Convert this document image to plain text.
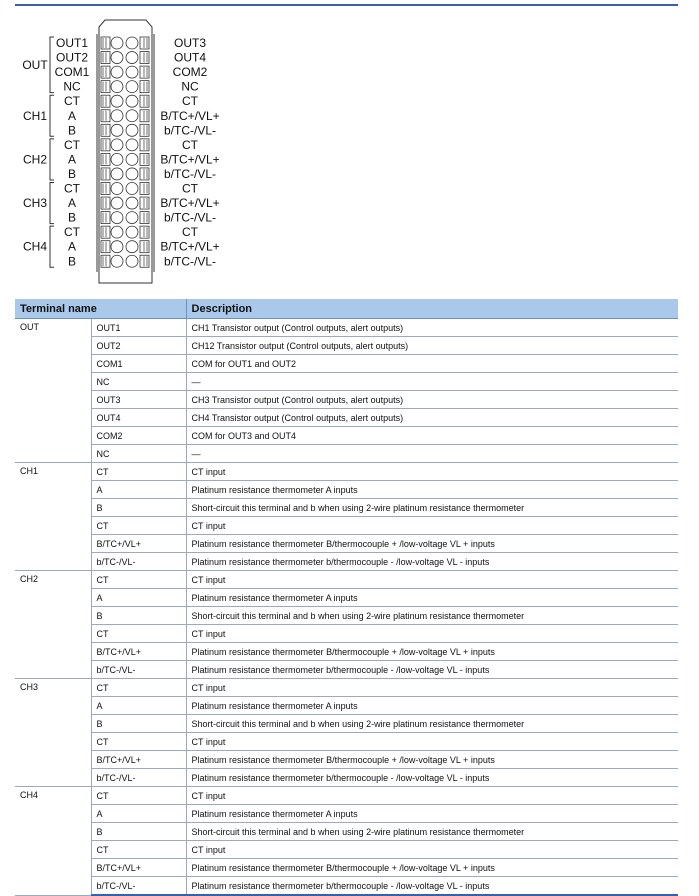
OUT3
OUT4
COM2
NC
CT
B/TC+/VL+
b/TC-/VL-
CT
B/TC+/VL+
b/TC-/VL-
CT
B/TC+/VL+
b/TC-/VL-
CT
B/TC+/VL+
b/TC-/VL-
OUT1
OUT2
COM1
NC
OUT
CT
A
B
CH1
CT
A
B
CH2
CT
A
B
CH3
CT
A
B
CH4
Terminal name		Description
OUT	OUT1	CH1 Transistor output (Control outputs, alert outputs)
	OUT2	CH12 Transistor output (Control outputs, alert outputs)
	COM1	COM for OUT1 and OUT2
	NC	—
	OUT3	CH3 Transistor output (Control outputs, alert outputs)
	OUT4	CH4 Transistor output (Control outputs, alert outputs)
	COM2	COM for OUT3 and OUT4
	NC	—
CH1	CT	CT input
	A	Platinum resistance thermometer A inputs
	B	Short-circuit this terminal and b when using 2-wire platinum resistance thermometer
	CT	CT input
	B/TC+/VL+	Platinum resistance thermometer B/thermocouple + /low-voltage VL + inputs
	b/TC-/VL-	Platinum resistance thermometer b/thermocouple - /low-voltage VL - inputs
CH2	CT	CT input
	A	Platinum resistance thermometer A inputs
	B	Short-circuit this terminal and b when using 2-wire platinum resistance thermometer
	CT	CT input
	B/TC+/VL+	Platinum resistance thermometer B/thermocouple + /low-voltage VL + inputs
	b/TC-/VL-	Platinum resistance thermometer b/thermocouple - /low-voltage VL - inputs
CH3	CT	CT input
	A	Platinum resistance thermometer A inputs
	B	Short-circuit this terminal and b when using 2-wire platinum resistance thermometer
	CT	CT input
	B/TC+/VL+	Platinum resistance thermometer B/thermocouple + /low-voltage VL + inputs
	b/TC-/VL-	Platinum resistance thermometer b/thermocouple - /low-voltage VL - inputs
CH4	CT	CT input
	A	Platinum resistance thermometer A inputs
	B	Short-circuit this terminal and b when using 2-wire platinum resistance thermometer
	CT	CT input
	B/TC+/VL+	Platinum resistance thermometer B/thermocouple + /low-voltage VL + inputs
	b/TC-/VL-	Platinum resistance thermometer b/thermocouple - /low-voltage VL - inputs
